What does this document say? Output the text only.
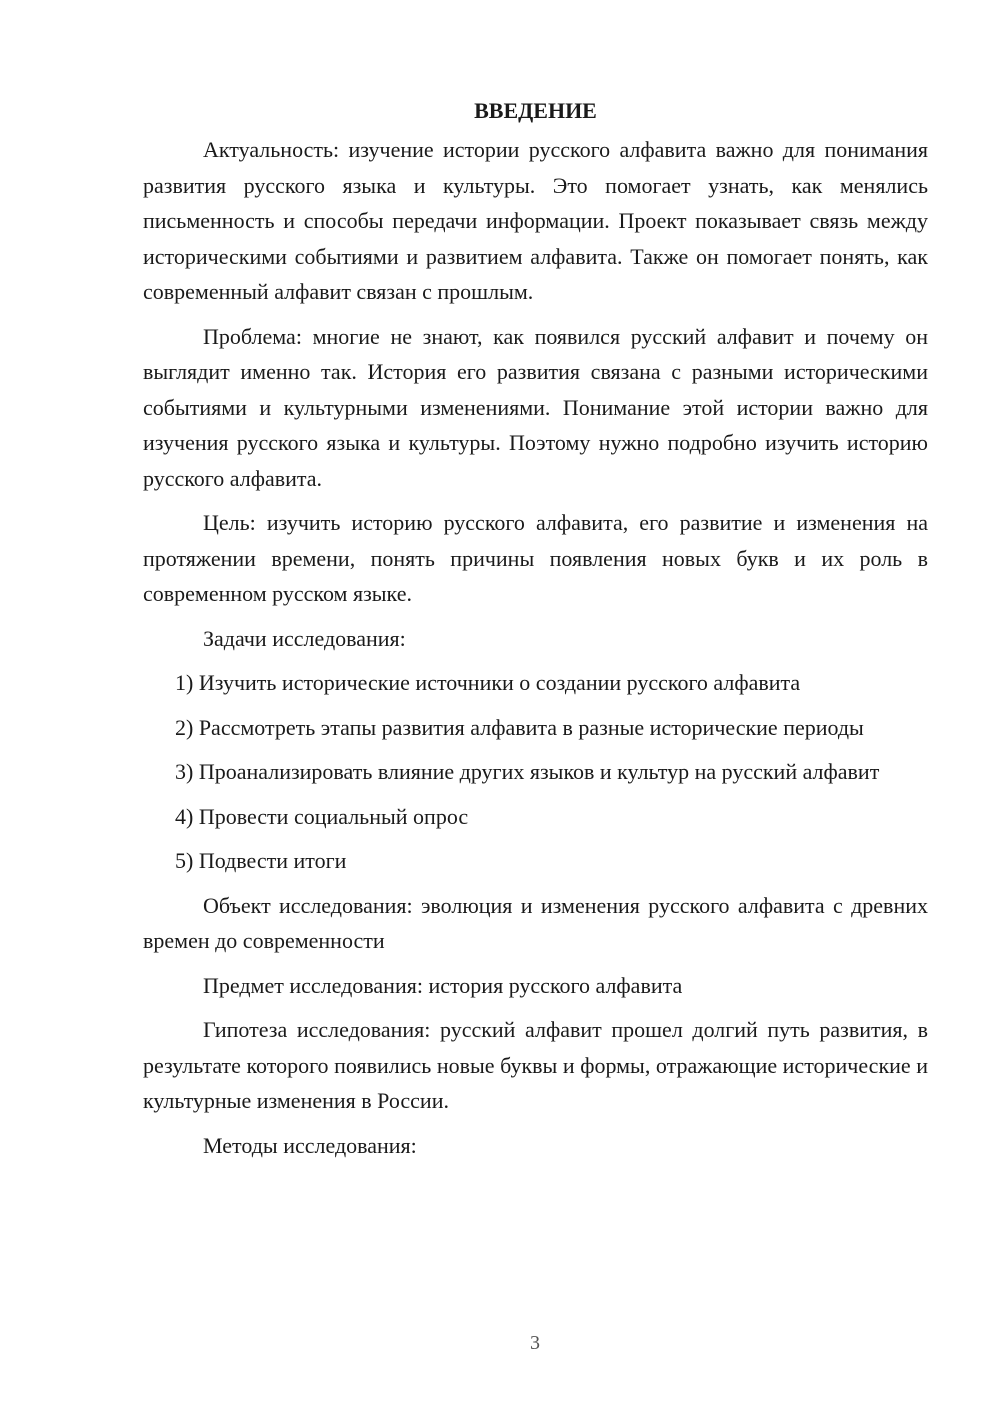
ВВЕДЕНИЕ

Актуальность: изучение истории русского алфавита важно для понимания развития русского языка и культуры. Это помогает узнать, как менялись письменность и способы передачи информации. Проект показывает связь между историческими событиями и развитием алфавита. Также он помогает понять, как современный алфавит связан с прошлым.

Проблема: многие не знают, как появился русский алфавит и почему он выглядит именно так. История его развития связана с разными историческими событиями и культурными изменениями. Понимание этой истории важно для изучения русского языка и культуры. Поэтому нужно подробно изучить историю русского алфавита.

Цель: изучить историю русского алфавита, его развитие и изменения на протяжении времени, понять причины появления новых букв и их роль в современном русском языке.

Задачи исследования:

1) Изучить исторические источники о создании русского алфавита

2) Рассмотреть этапы развития алфавита в разные исторические периоды

3) Проанализировать влияние других языков и культур на русский алфавит

4) Провести социальный опрос

5) Подвести итоги

Объект исследования: эволюция и изменения русского алфавита с древних времен до современности

Предмет исследования: история русского алфавита

Гипотеза исследования: русский алфавит прошел долгий путь развития, в результате которого появились новые буквы и формы, отражающие исторические и культурные изменения в России.

Методы исследования:

3
